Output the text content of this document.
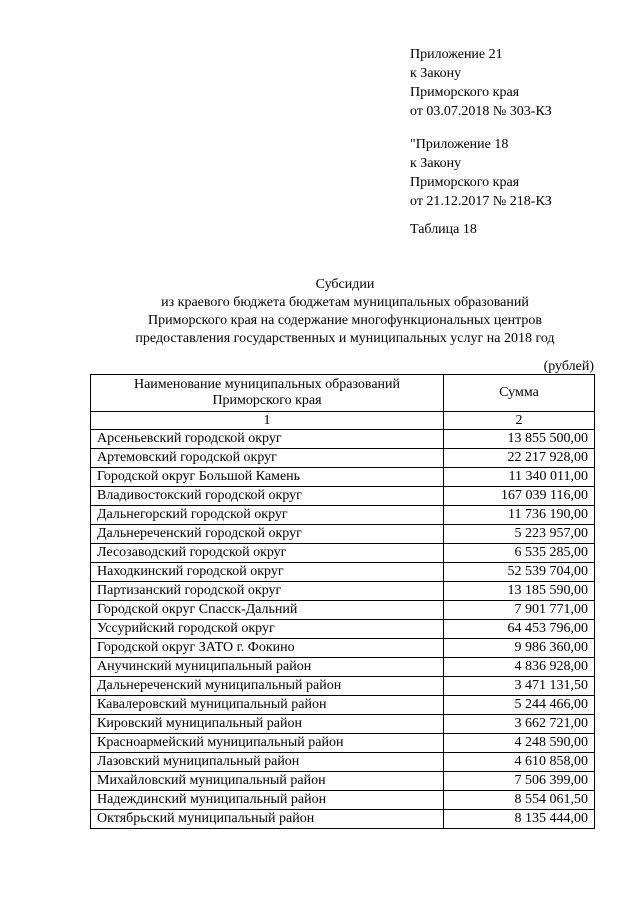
Приложение 21
к Закону
Приморского края
от 03.07.2018 № 303-КЗ
"Приложение 18
к Закону
Приморского края
от 21.12.2017 № 218-КЗ
Таблица 18
Субсидии
из краевого бюджета бюджетам муниципальных образований
Приморского края на содержание многофункциональных центров
предоставления государственных и муниципальных услуг на 2018 год
(рублей)
Наименование муниципальных образований Приморского края	Сумма
1	2
Арсеньевский городской округ	13 855 500,00
Артемовский городской округ	22 217 928,00
Городской округ Большой Камень	11 340 011,00
Владивостокский городской округ	167 039 116,00
Дальнегорский городской округ	11 736 190,00
Дальнереченский городской округ	5 223 957,00
Лесозаводский городской округ	6 535 285,00
Находкинский городской округ	52 539 704,00
Партизанский городской округ	13 185 590,00
Городской округ Спасск-Дальний	7 901 771,00
Уссурийский городской округ	64 453 796,00
Городской округ ЗАТО г. Фокино	9 986 360,00
Анучинский муниципальный район	4 836 928,00
Дальнереченский муниципальный район	3 471 131,50
Кавалеровский муниципальный район	5 244 466,00
Кировский муниципальный район	3 662 721,00
Красноармейский муниципальный район	4 248 590,00
Лазовский муниципальный район	4 610 858,00
Михайловский муниципальный район	7 506 399,00
Надеждинский муниципальный район	8 554 061,50
Октябрьский муниципальный район	8 135 444,00
